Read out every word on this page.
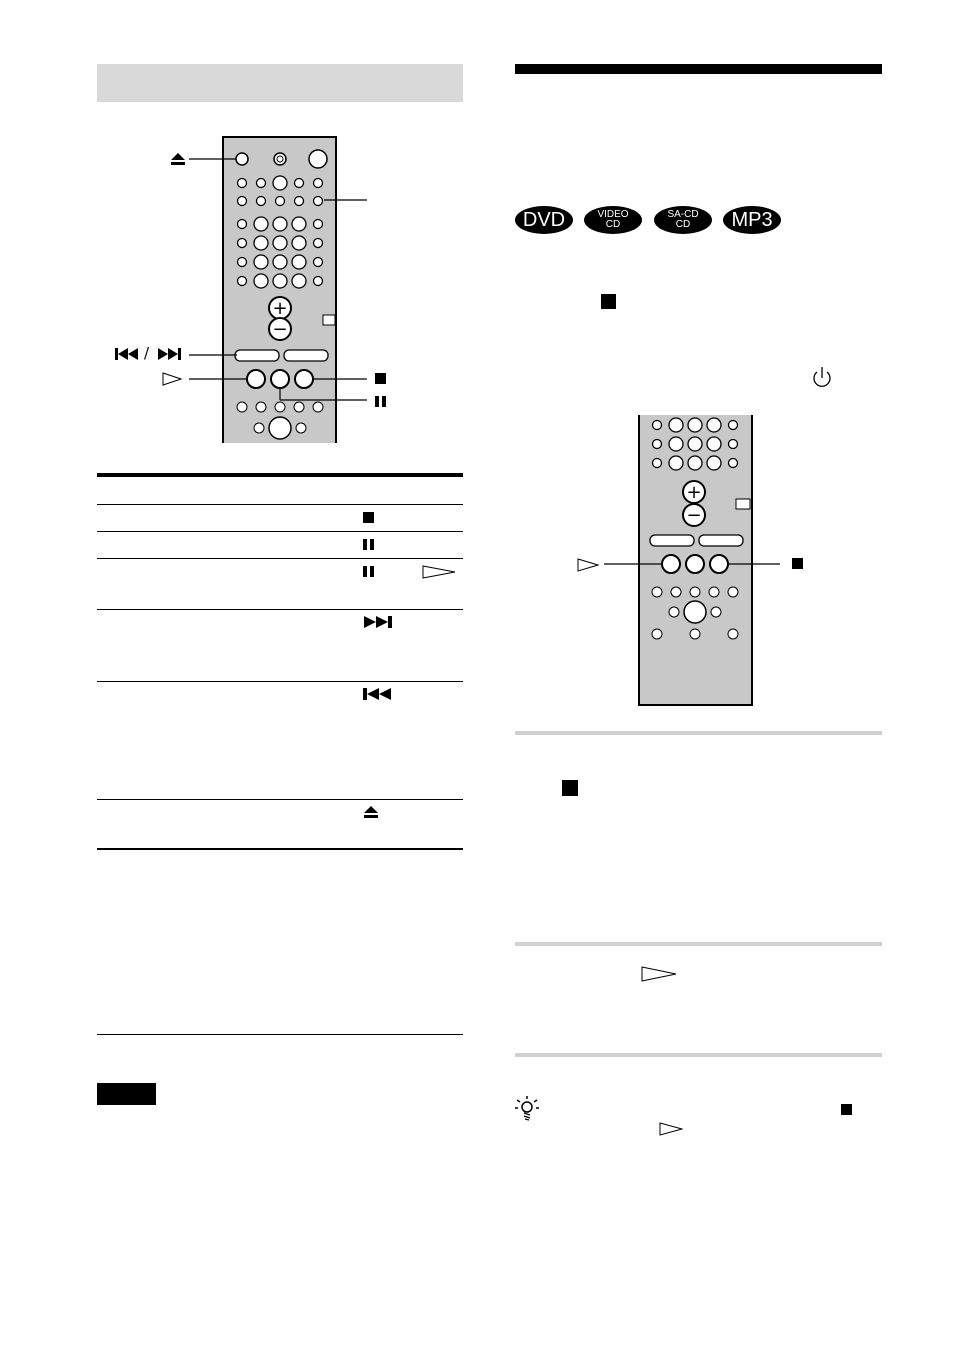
+
−
/
DVD	VIDEO
CD
SA-CD
CD MP3
+
−
